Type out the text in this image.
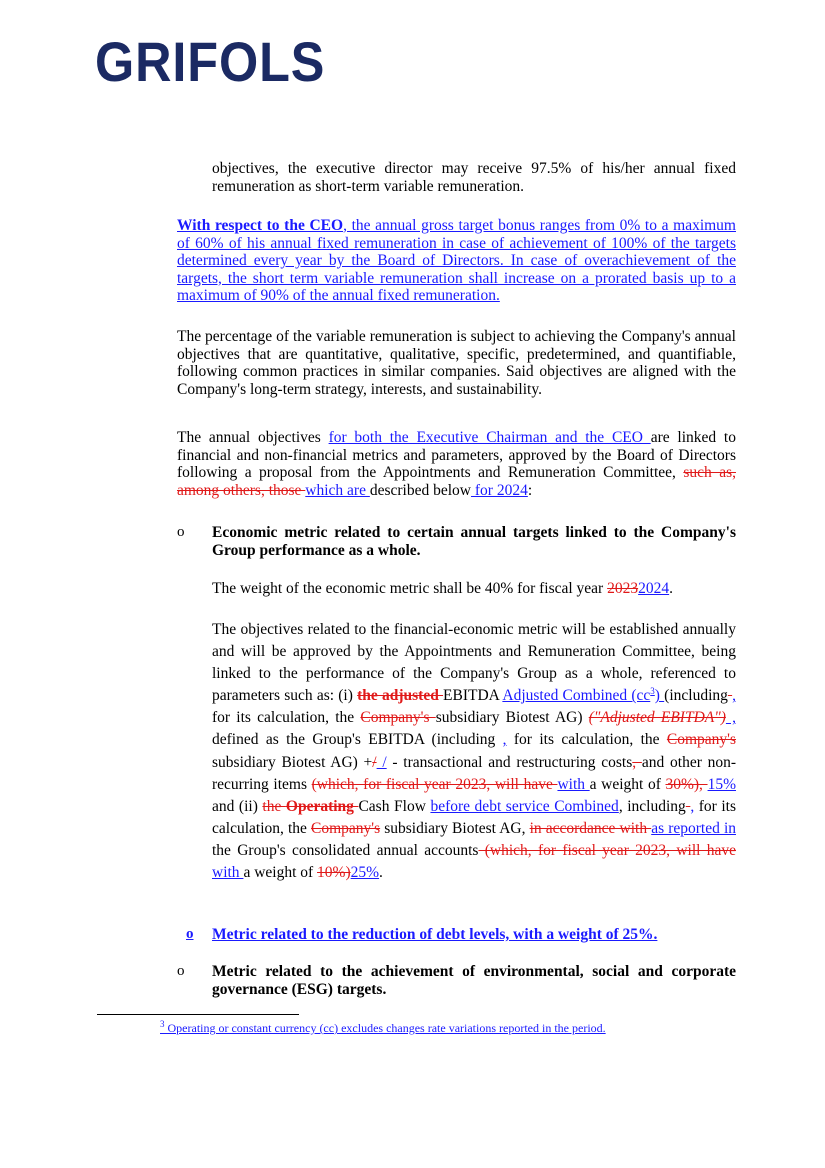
GRIFOLS

objectives, the executive director may receive 97.5% of his/her annual fixed remuneration as short-term variable remuneration.

With respect to the CEO, the annual gross target bonus ranges from 0% to a maximum of 60% of his annual fixed remuneration in case of achievement of 100% of the targets determined every year by the Board of Directors. In case of overachievement of the targets, the short term variable remuneration shall increase on a prorated basis up to a maximum of 90% of the annual fixed remuneration.

The percentage of the variable remuneration is subject to achieving the Company's annual objectives that are quantitative, qualitative, specific, predetermined, and quantifiable, following common practices in similar companies. Said objectives are aligned with the Company's long-term strategy, interests, and sustainability.

The annual objectives for both the Executive Chairman and the CEO are linked to financial and non-financial metrics and parameters, approved by the Board of Directors following a proposal from the Appointments and Remuneration Committee, such as, among others, those which are described below for 2024:

o Economic metric related to certain annual targets linked to the Company's Group performance as a whole.

The weight of the economic metric shall be 40% for fiscal year 20232024.

The objectives related to the financial-economic metric will be established annually and will be approved by the Appointments and Remuneration Committee, being linked to the performance of the Company's Group as a whole, referenced to parameters such as: (i) the adjusted EBITDA Adjusted Combined $(cc^3)$ (including , for its calculation, the Company's subsidiary Biotest AG) ("Adjusted EBITDA") , defined as the Group's EBITDA (including , for its calculation, the Company's subsidiary Biotest AG) +/ / - transactional and restructuring costs, and other non-recurring items (which, for fiscal year 2023, will have with a weight of 30%), 15% and (ii) the Operating Cash Flow before debt service Combined, including , for its calculation, the Company's subsidiary Biotest AG, in accordance with as reported in the Group's consolidated annual accounts (which, for fiscal year 2023, will have with a weight of 10%)25%.

o Metric related to the reduction of debt levels, with a weight of 25%.

o Metric related to the achievement of environmental, social and corporate governance (ESG) targets.

$^3$ Operating or constant currency (cc) excludes changes rate variations reported in the period.
